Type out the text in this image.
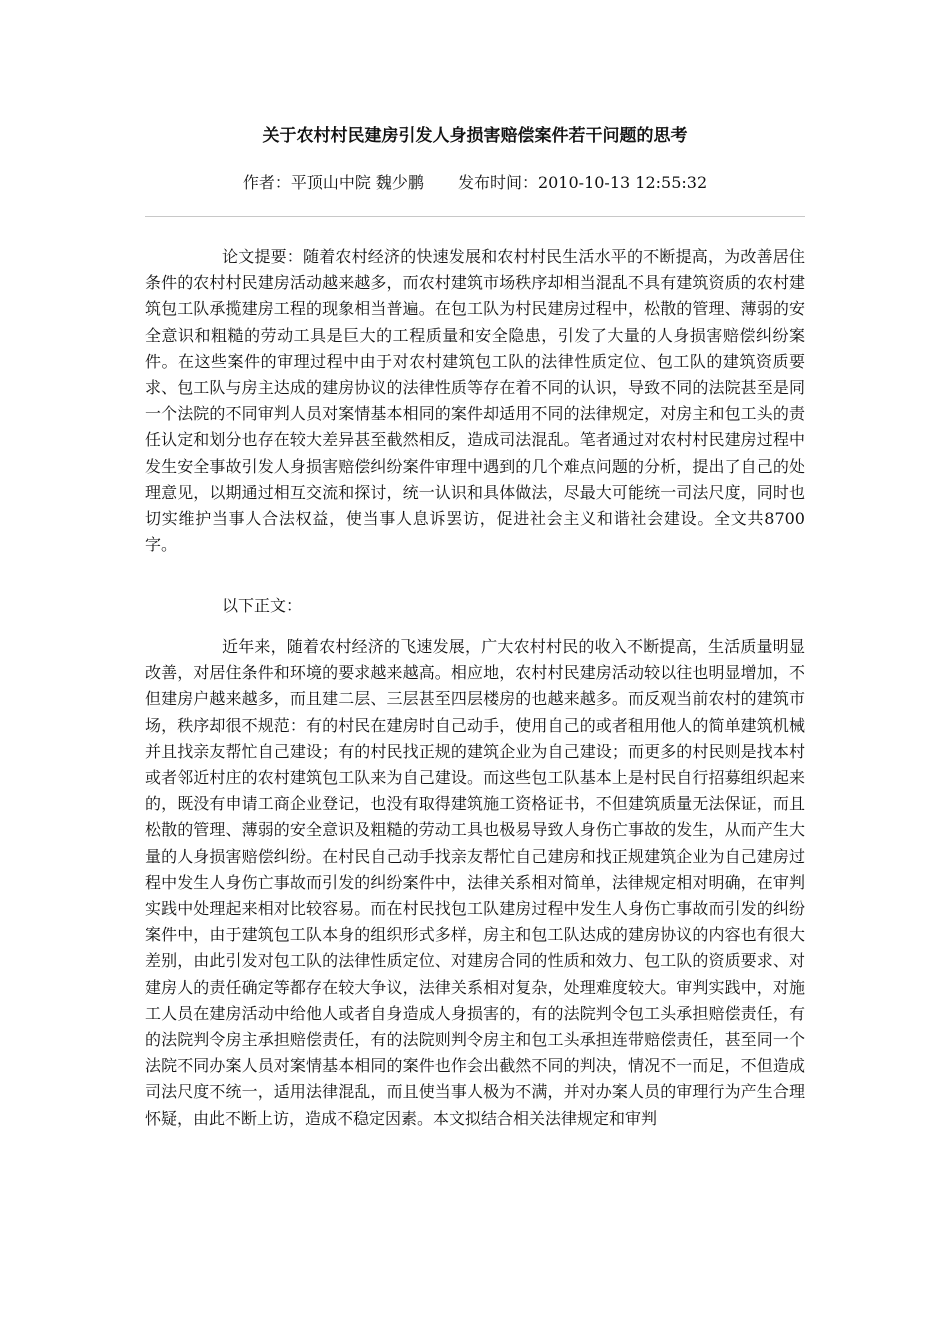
关于农村村民建房引发人身损害赔偿案件若干问题的思考
作者：平顶山中院 魏少鹏 发布时间：2010-10-13 12:55:32

论文提要：随着农村经济的快速发展和农村村民生活水平的不断提高，为改善居住条件的农村村民建房活动越来越多，而农村建筑市场秩序却相当混乱不具有建筑资质的农村建筑包工队承揽建房工程的现象相当普遍。在包工队为村民建房过程中，松散的管理、薄弱的安全意识和粗糙的劳动工具是巨大的工程质量和安全隐患，引发了大量的人身损害赔偿纠纷案件。在这些案件的审理过程中由于对农村建筑包工队的法律性质定位、包工队的建筑资质要求、包工队与房主达成的建房协议的法律性质等存在着不同的认识，导致不同的法院甚至是同一个法院的不同审判人员对案情基本相同的案件却适用不同的法律规定，对房主和包工头的责任认定和划分也存在较大差异甚至截然相反，造成司法混乱。笔者通过对农村村民建房过程中发生安全事故引发人身损害赔偿纠纷案件审理中遇到的几个难点问题的分析，提出了自己的处理意见，以期通过相互交流和探讨，统一认识和具体做法，尽最大可能统一司法尺度，同时也切实维护当事人合法权益，使当事人息诉罢访，促进社会主义和谐社会建设。全文共8700字。

以下正文：

近年来，随着农村经济的飞速发展，广大农村村民的收入不断提高，生活质量明显改善，对居住条件和环境的要求越来越高。相应地，农村村民建房活动较以往也明显增加，不但建房户越来越多，而且建二层、三层甚至四层楼房的也越来越多。而反观当前农村的建筑市场，秩序却很不规范：有的村民在建房时自己动手，使用自己的或者租用他人的简单建筑机械并且找亲友帮忙自己建设；有的村民找正规的建筑企业为自己建设；而更多的村民则是找本村或者邻近村庄的农村建筑包工队来为自己建设。而这些包工队基本上是村民自行招募组织起来的，既没有申请工商企业登记，也没有取得建筑施工资格证书，不但建筑质量无法保证，而且松散的管理、薄弱的安全意识及粗糙的劳动工具也极易导致人身伤亡事故的发生，从而产生大量的人身损害赔偿纠纷。在村民自己动手找亲友帮忙自己建房和找正规建筑企业为自己建房过程中发生人身伤亡事故而引发的纠纷案件中，法律关系相对简单，法律规定相对明确，在审判实践中处理起来相对比较容易。而在村民找包工队建房过程中发生人身伤亡事故而引发的纠纷案件中，由于建筑包工队本身的组织形式多样，房主和包工队达成的建房协议的内容也有很大差别，由此引发对包工队的法律性质定位、对建房合同的性质和效力、包工队的资质要求、对建房人的责任确定等都存在较大争议，法律关系相对复杂，处理难度较大。审判实践中，对施工人员在建房活动中给他人或者自身造成人身损害的，有的法院判令包工头承担赔偿责任，有的法院判令房主承担赔偿责任，有的法院则判令房主和包工头承担连带赔偿责任，甚至同一个法院不同办案人员对案情基本相同的案件也作会出截然不同的判决，情况不一而足，不但造成司法尺度不统一，适用法律混乱，而且使当事人极为不满，并对办案人员的审理行为产生合理怀疑，由此不断上访，造成不稳定因素。本文拟结合相关法律规定和审判
